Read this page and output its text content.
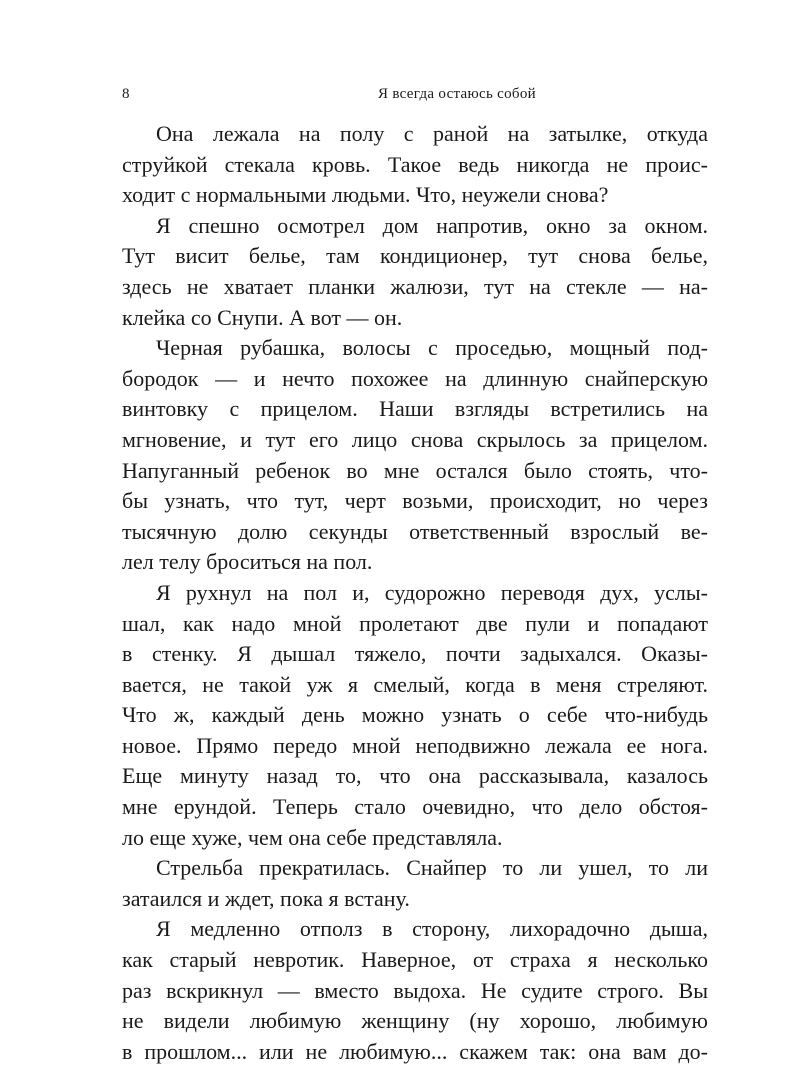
8	Я всегда остаюсь собой
Она лежала на полу с раной на затылке, откуда
струйкой стекала кровь. Такое ведь никогда не проис-
ходит с нормальными людьми. Что, неужели снова?
Я спешно осмотрел дом напротив, окно за окном.
Тут висит белье, там кондиционер, тут снова белье,
здесь не хватает планки жалюзи, тут на стекле — на-
клейка со Снупи. А вот — он.
Черная рубашка, волосы с проседью, мощный под-
бородок — и нечто похожее на длинную снайперскую
винтовку с прицелом. Наши взгляды встретились на
мгновение, и тут его лицо снова скрылось за прицелом.
Напуганный ребенок во мне остался было стоять, что-
бы узнать, что тут, черт возьми, происходит, но через
тысячную долю секунды ответственный взрослый ве-
лел телу броситься на пол.
Я рухнул на пол и, судорожно переводя дух, услы-
шал, как надо мной пролетают две пули и попадают
в стенку. Я дышал тяжело, почти задыхался. Оказы-
вается, не такой уж я смелый, когда в меня стреляют.
Что ж, каждый день можно узнать о себе что-нибудь
новое. Прямо передо мной неподвижно лежала ее нога.
Еще минуту назад то, что она рассказывала, казалось
мне ерундой. Теперь стало очевидно, что дело обстоя-
ло еще хуже, чем она себе представляла.
Стрельба прекратилась. Снайпер то ли ушел, то ли
затаился и ждет, пока я встану.
Я медленно отполз в сторону, лихорадочно дыша,
как старый невротик. Наверное, от страха я несколько
раз вскрикнул — вместо выдоха. Не судите строго. Вы
не видели любимую женщину (ну хорошо, любимую
в прошлом... или не любимую... скажем так: она вам до-
